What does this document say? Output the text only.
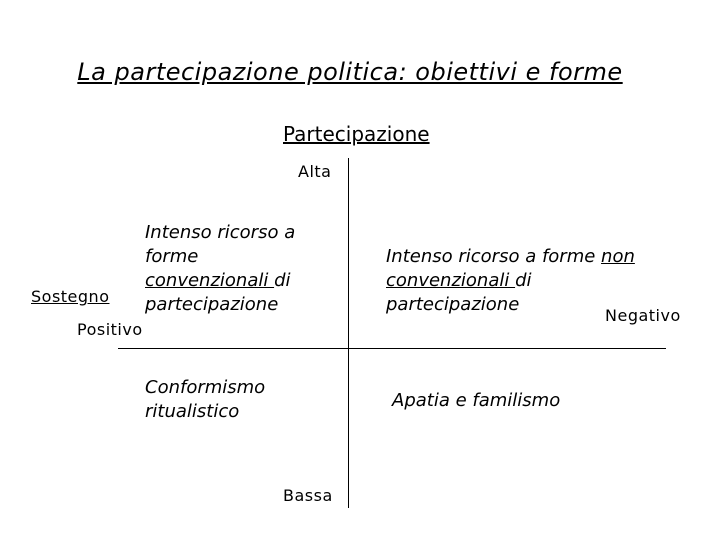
La partecipazione politica: obiettivi e forme
Partecipazione
Alta
Sostegno
Positivo
Negativo
Bassa
Intenso ricorso a
forme
convenzionali di
partecipazione
Intenso ricorso a forme non
convenzionali di
partecipazione
Conformismo
ritualistico
Apatia e familismo
